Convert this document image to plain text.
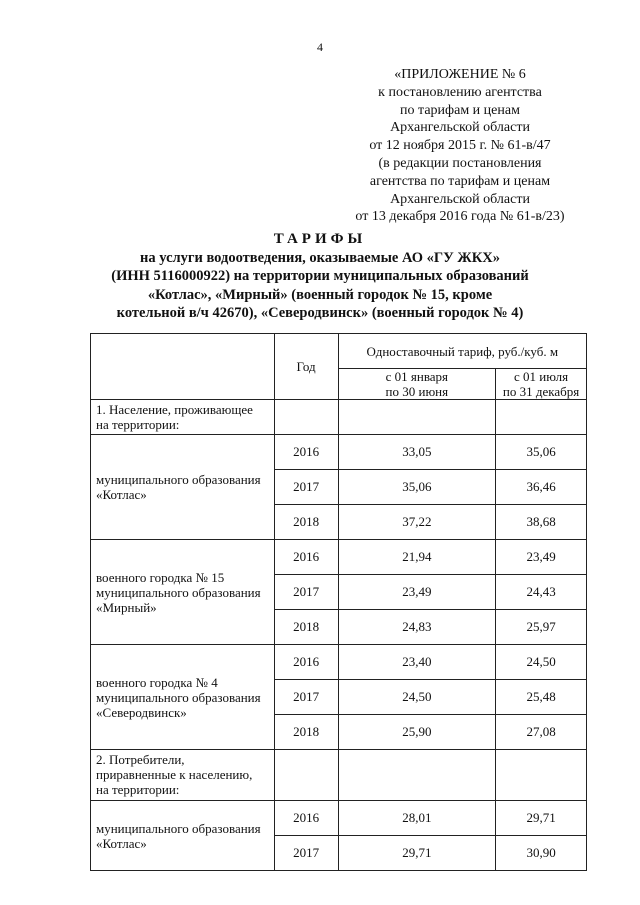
4
«ПРИЛОЖЕНИЕ № 6
к постановлению агентства
по тарифам и ценам
Архангельской области
от 12 ноября 2015 г. № 61-в/47
(в редакции постановления
агентства по тарифам и ценам
Архангельской области
от 13 декабря 2016 года № 61-в/23)
ТАРИФЫ
на услуги водоотведения, оказываемые АО «ГУ ЖКХ»
(ИНН 5116000922) на территории муниципальных образований
«Котлас», «Мирный» (военный городок № 15, кроме
котельной в/ч 42670), «Северодвинск» (военный городок № 4)
	Год	Одноставочный тариф, руб./куб. м	
		с 01 января
по 30 июня	с 01 июля
по 31 декабря
1. Население, проживающее
на территории:			
муниципального образования
«Котлас»	2016	33,05	35,06
	2017	35,06	36,46
	2018	37,22	38,68
военного городка № 15
муниципального образования
«Мирный»	2016	21,94	23,49
	2017	23,49	24,43
	2018	24,83	25,97
военного городка № 4
муниципального образования
«Северодвинск»	2016	23,40	24,50
	2017	24,50	25,48
	2018	25,90	27,08
2. Потребители,
приравненные к населению,
на территории:			
муниципального образования
«Котлас»	2016	28,01	29,71
	2017	29,71	30,90
